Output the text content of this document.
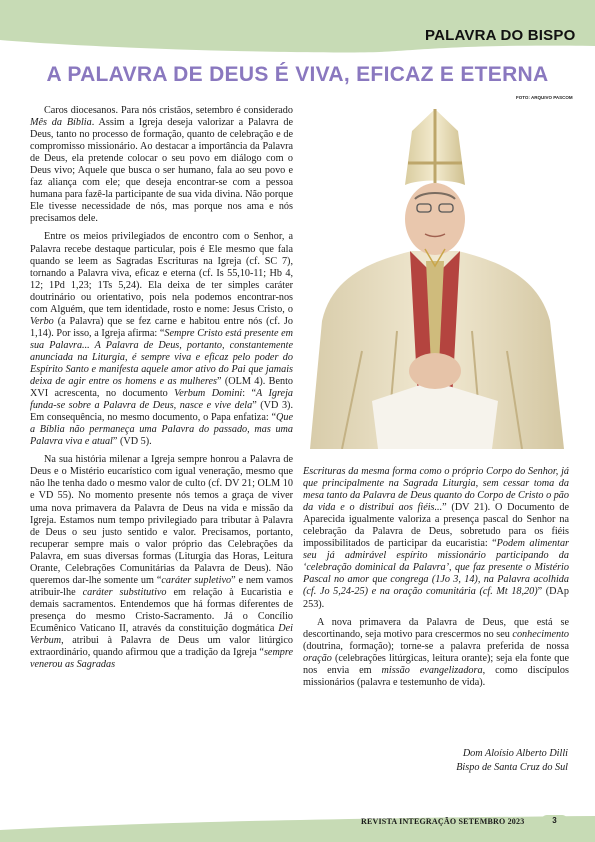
PALAVRA DO BISPO
A PALAVRA DE DEUS É VIVA, EFICAZ E ETERNA
FOTO: ARQUIVO PASCOM

Caros diocesanos. Para nós cristãos, setembro é considerado Mês da Bíblia. Assim a Igreja deseja valorizar a Palavra de Deus, tanto no processo de formação, quanto de celebração e de compromisso missionário. Ao destacar a importância da Palavra de Deus, ela pretende colocar o seu povo em diálogo com o Deus vivo; Aquele que busca o ser humano, fala ao seu povo e faz aliança com ele; que deseja encontrar-se com a pessoa humana para fazê-la participante de sua vida divina. Não porque Ele tivesse necessidade de nós, mas porque nos ama e nós precisamos dele.

Entre os meios privilegiados de encontro com o Senhor, a Palavra recebe destaque particular, pois é Ele mesmo que fala quando se leem as Sagradas Escrituras na Igreja (cf. SC 7), tornando a Palavra viva, eficaz e eterna (cf. Is 55,10-11; Hb 4, 12; 1Pd 1,23; 1Ts 5,24). Ela deixa de ter simples caráter doutrinário ou orientativo, pois nela podemos encontrar-nos com Alguém, que tem identidade, rosto e nome: Jesus Cristo, o Verbo (a Palavra) que se fez carne e habitou entre nós (cf. Jo 1,14). Por isso, a Igreja afirma: “Sempre Cristo está presente em sua Palavra... A Palavra de Deus, portanto, constantemente anunciada na Liturgia, é sempre viva e eficaz pelo poder do Espírito Santo e manifesta aquele amor ativo do Pai que jamais deixa de agir entre os homens e as mulheres” (OLM 4). Bento XVI acrescenta, no documento Verbum Domini: “A Igreja funda-se sobre a Palavra de Deus, nasce e vive dela” (VD 3). Em consequência, no mesmo documento, o Papa enfatiza: “Que a Bíblia não permaneça uma Palavra do passado, mas uma Palavra viva e atual” (VD 5).

Na sua história milenar a Igreja sempre honrou a Palavra de Deus e o Mistério eucarístico com igual veneração, mesmo que não lhe tenha dado o mesmo valor de culto (cf. DV 21; OLM 10 e VD 55). No momento presente nós temos a graça de viver uma nova primavera da Palavra de Deus na vida e missão da Igreja. Estamos num tempo privilegiado para tributar à Palavra de Deus o seu justo sentido e valor. Precisamos, portanto, recuperar sempre mais o valor próprio das Celebrações da Palavra, em suas diversas formas (Liturgia das Horas, Leitura Orante, Celebrações Comunitárias da Palavra de Deus). Não queremos dar-lhe somente um “caráter supletivo” e nem vamos atribuir-lhe caráter substitutivo em relação à Eucaristia e demais sacramentos. Entendemos que há formas diferentes de presença do mesmo Cristo-Sacramento. Já o Concílio Ecumênico Vaticano II, através da constituição dogmática Dei Verbum, atribui à Palavra de Deus um valor litúrgico extraordinário, quando afirmou que a tradição da Igreja “sempre venerou as Sagradas

Escrituras da mesma forma como o próprio Corpo do Senhor, já que principalmente na Sagrada Liturgia, sem cessar toma da mesa tanto da Palavra de Deus quanto do Corpo de Cristo o pão da vida e o distribui aos fiéis...” (DV 21). O Documento de Aparecida igualmente valoriza a presença pascal do Senhor na celebração da Palavra de Deus, sobretudo para os fiéis impossibilitados de participar da eucaristia: “Podem alimentar seu já admirável espírito missionário participando da ‘celebração dominical da Palavra’, que faz presente o Mistério Pascal no amor que congrega (1Jo 3, 14), na Palavra acolhida (cf. Jo 5,24-25) e na oração comunitária (cf. Mt 18,20)” (DAp 253).

A nova primavera da Palavra de Deus, que está se descortinando, seja motivo para crescermos no seu conhecimento (doutrina, formação); torne-se a palavra preferida de nossa oração (celebrações litúrgicas, leitura orante); seja ela fonte que nos envia em missão evangelizadora, como discípulos missionários (palavra e testemunho de vida).

Dom Aloísio Alberto Dilli
Bispo de Santa Cruz do Sul
REVISTA INTEGRAÇÃO SETEMBRO 2023	3
